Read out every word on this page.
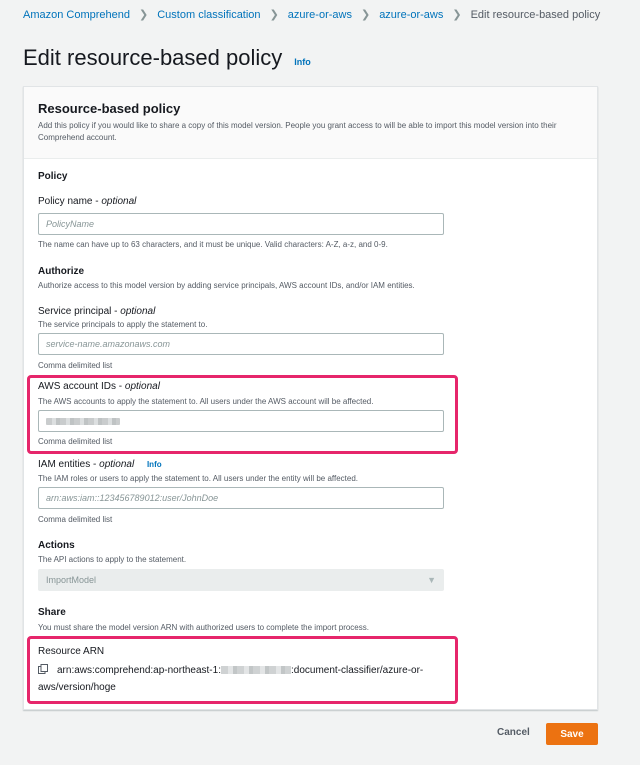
Amazon Comprehend ❯ Custom classification ❯ azure-or-aws ❯ azure-or-aws ❯ Edit resource-based policy
Edit resource-based policy Info
Resource-based policy
Add this policy if you would like to share a copy of this model version. People you grant access to will be able to import this model version into their Comprehend account.
Policy
Policy name - optional
PolicyName
The name can have up to 63 characters, and it must be unique. Valid characters: A-Z, a-z, and 0-9.
Authorize
Authorize access to this model version by adding service principals, AWS account IDs, and/or IAM entities.
Service principal - optional
The service principals to apply the statement to.
service-name.amazonaws.com
Comma delimited list
AWS account IDs - optional
The AWS accounts to apply the statement to. All users under the AWS account will be affected.
Comma delimited list
IAM entities - optional Info
The IAM roles or users to apply the statement to. All users under the entity will be affected.
arn:aws:iam::123456789012:user/JohnDoe
Comma delimited list
Actions
The API actions to apply to the statement.
ImportModel	▼
Share
You must share the model version ARN with authorized users to complete the import process.
Resource ARN
arn:aws:comprehend:ap-northeast-1:	:document-classifier/azure-or-aws/version/hoge
Cancel	Save
